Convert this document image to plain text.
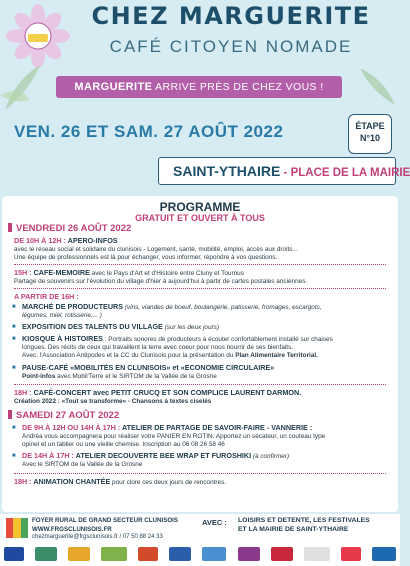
CHEZ MARGUERITE
CAFÉ CITOYEN NOMADE
MARGUERITE ARRIVE PRÈS DE CHEZ VOUS !
VEN. 26 ET SAM. 27 AOÛT 2022	ÉTAPE
N°10
SAINT-YTHAIRE - PLACE DE LA MAIRIE
PROGRAMME
GRATUIT ET OUVERT À TOUS
VENDREDI 26 AOÛT 2022
DE 10H À 12H : APERO-INFOS
avec le réseau social et solidaire du clunisois - Logement, santé, mobilité, emploi, accès aux droits...
Une équipe de professionnels est là pour échanger, vous informer, répondre à vos questions.
15H : CAFE-MEMOIRE avec le Pays d'Art et d'Histoire entre Cluny et Tournus
Partage de souvenirs sur l'évolution du village d'hier à aujourd'hui à partir de cartes postales anciennes.
A PARTIR DE 16H :
■ MARCHÉ DE PRODUCTEURS (vins, viandes de boeuf, boulangerie, patisserie, fromages, escargots,
légumes, miel, rotisserie,... )
■ EXPOSITION DES TALENTS DU VILLAGE (sur les deux jours)
■ KIOSQUE À HISTOIRES : Portraits sonores de producteurs à écouter confortablement installé sur chaises
longues. Des récits de ceux qui travaillent la terre avec coeur pour nous nourrir de ses bienfaits.
Avec: l'Association Antipodes et la CC du Clunisois pour la présentation du Plan Alimentaire Territorial.
■ PAUSE-CAFÉ «MOBILITÉS EN CLUNISOIS» et «ECONOMIE CIRCULAIRE»
Point-infos avec Mobil'Terre et le SIRTOM de la Vallée de la Grosne
18H : CAFÉ-CONCERT avec PETIT CRUCQ ET SON COMPLICE LAURENT DARMON.
Création 2022 : «Tout se transforme» - Chansons à textes ciselés
SAMEDI 27 AOÛT 2022
■ DE 9H À 12H OU 14H À 17H : ATELIER DE PARTAGE DE SAVOIR-FAIRE - VANNERIE :
Andréa vous accompagnera pour réaliser votre PANIER EN ROTIN. Apportez un sécateur, un couteau type
opinel et un tablier ou une vieille chemise. Inscription au 06 08 26 58 46
■ DE 14H À 17H : ATELIER DECOUVERTE BEE WRAP ET FUROSHIKI (à confirmer)
Avec le SIRTOM de la Vallée de la Grosne
18H : ANIMATION CHANTÉE pour clore ces deux jours de rencontres.
FOYER RURAL DE GRAND SECTEUR CLUNISOIS
WWW.FRGSCLUNISOIS.FR
chezmarguerite@frgsclunisois.fr / 07 50 88 24 33
AVEC : LOISIRS ET DETENTE, LES FESTIVALES
ET LA MAIRIE DE SAINT-YTHAIRE
